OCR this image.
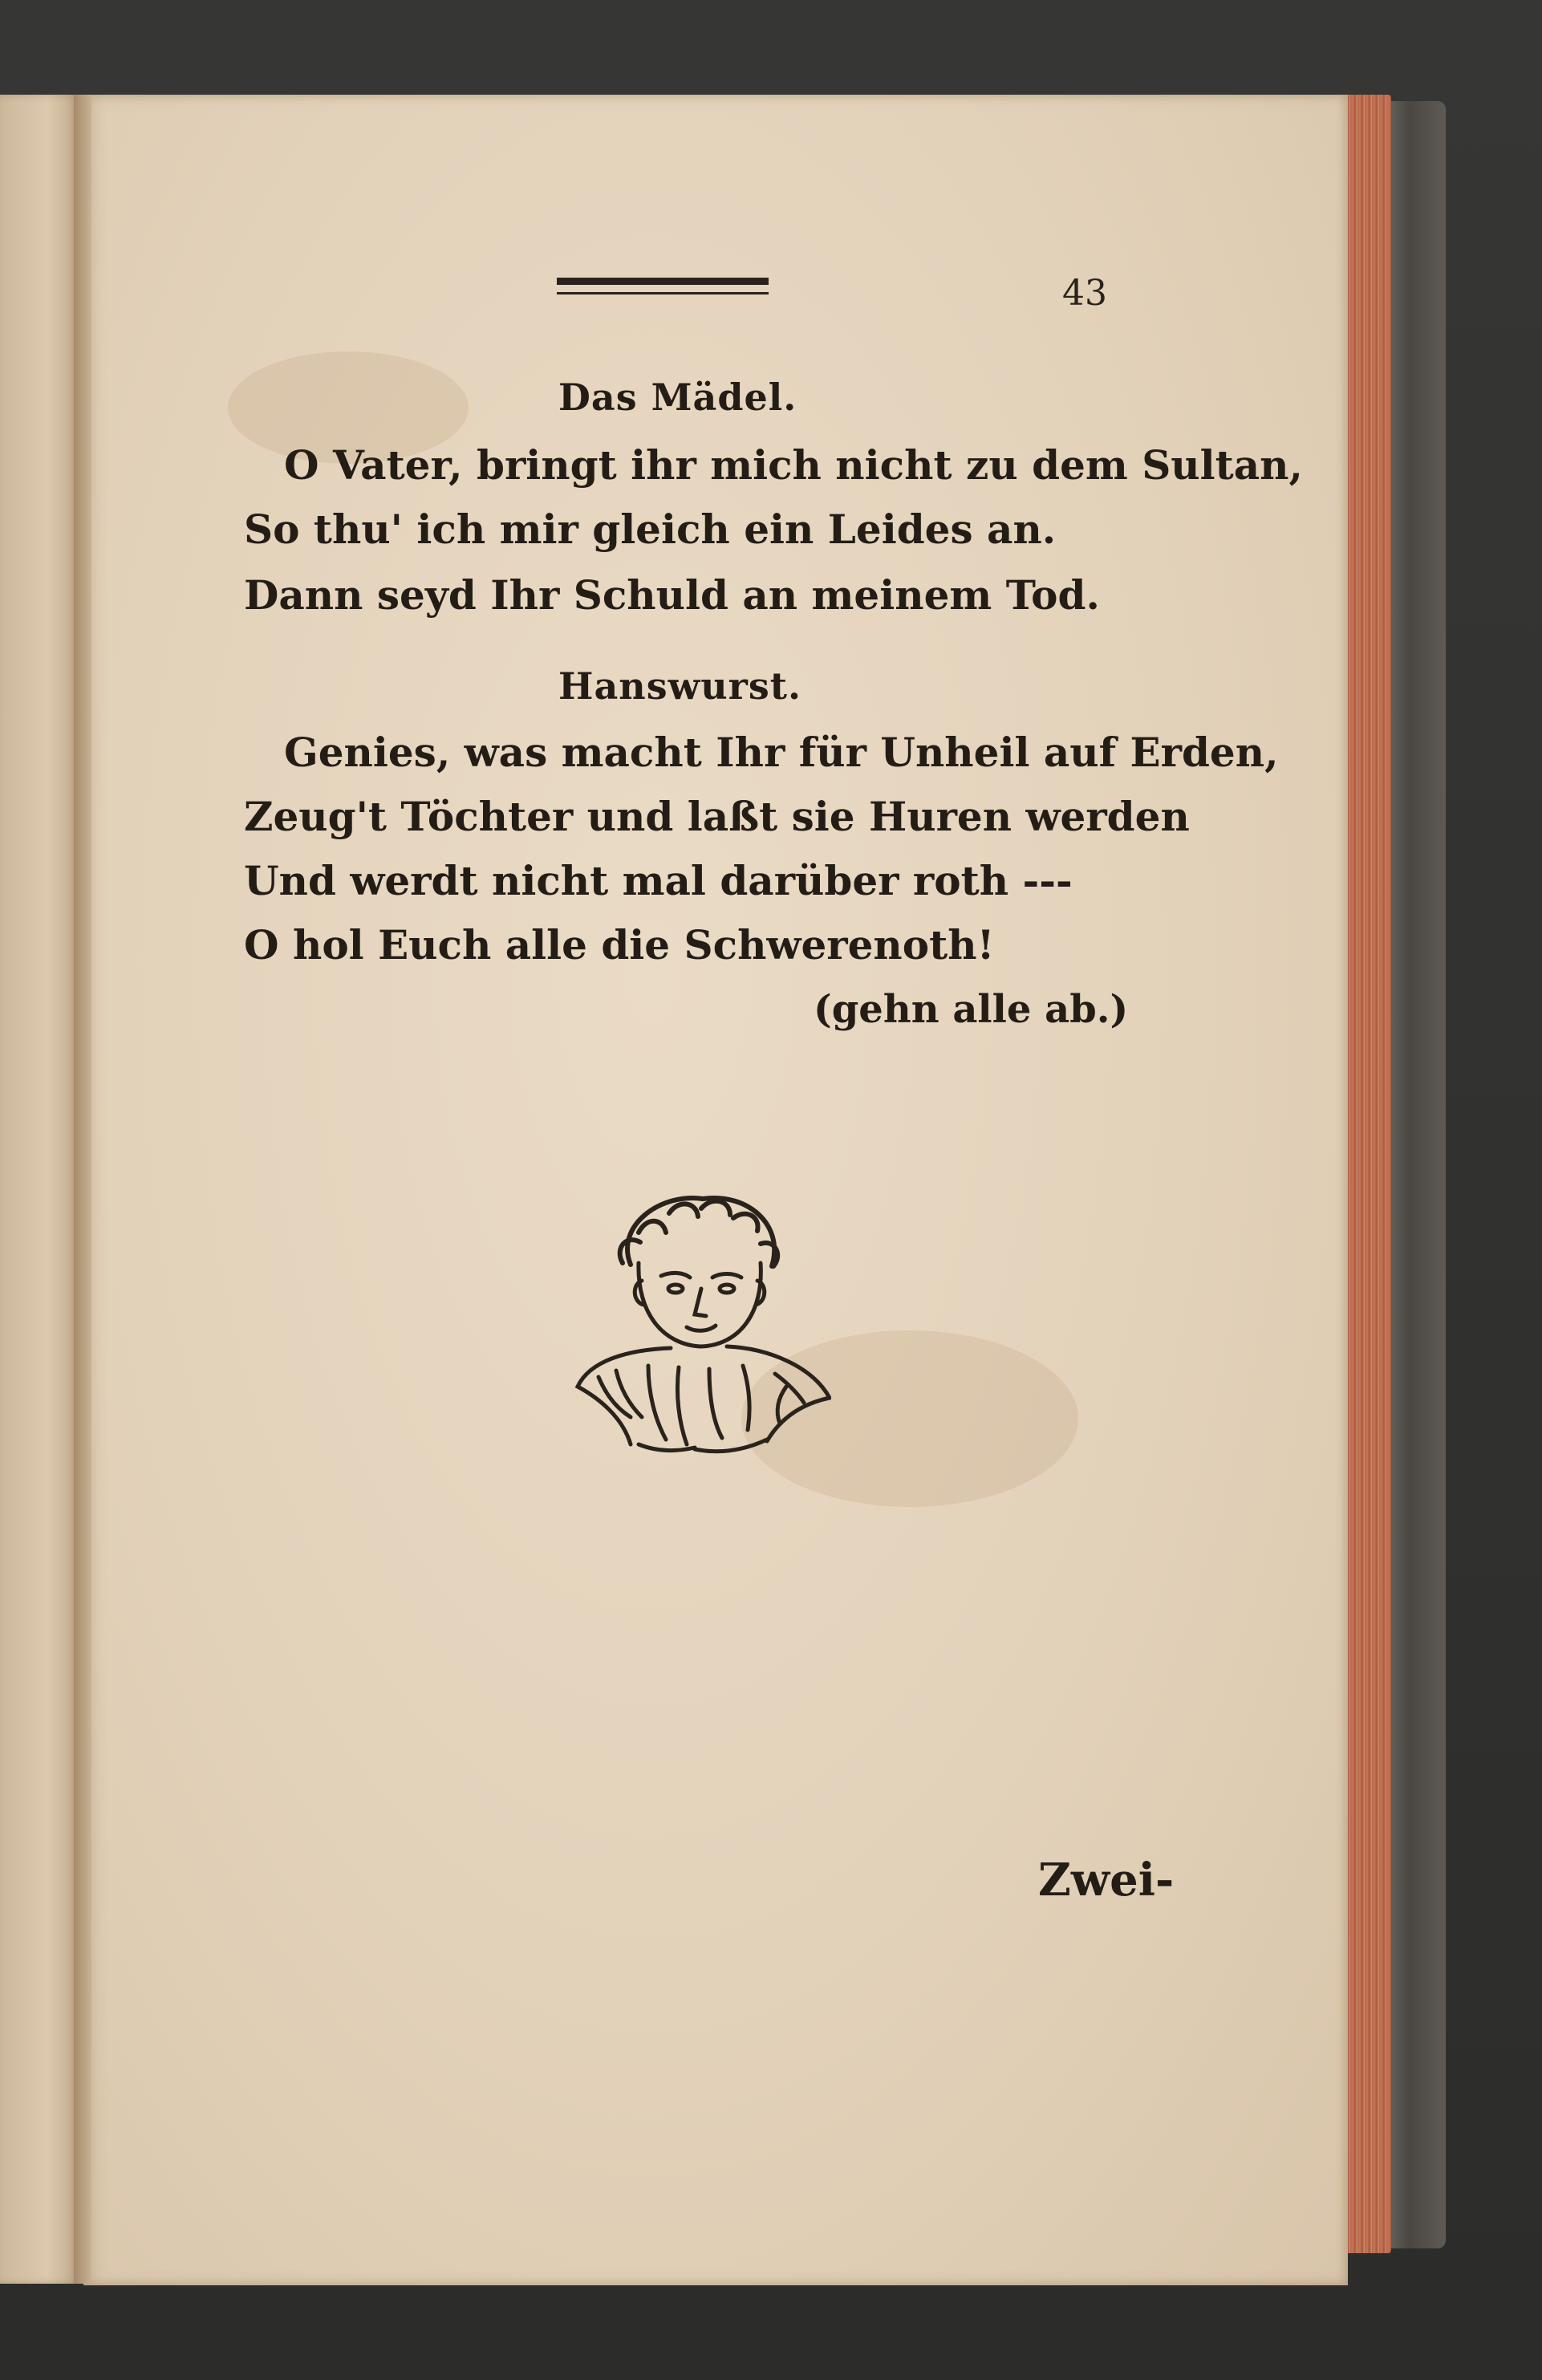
43
Das Mädel.
O Vater, bringt ihr mich nicht zu dem Sultan,
So thu' ich mir gleich ein Leides an.
Dann seyd Ihr Schuld an meinem Tod.
Hanswurst.
Genies, was macht Ihr für Unheil auf Erden,
Zeug't Töchter und laßt sie Huren werden
Und werdt nicht mal darüber roth ---
O hol Euch alle die Schwerenoth!
(gehn alle ab.)
Zwei-
